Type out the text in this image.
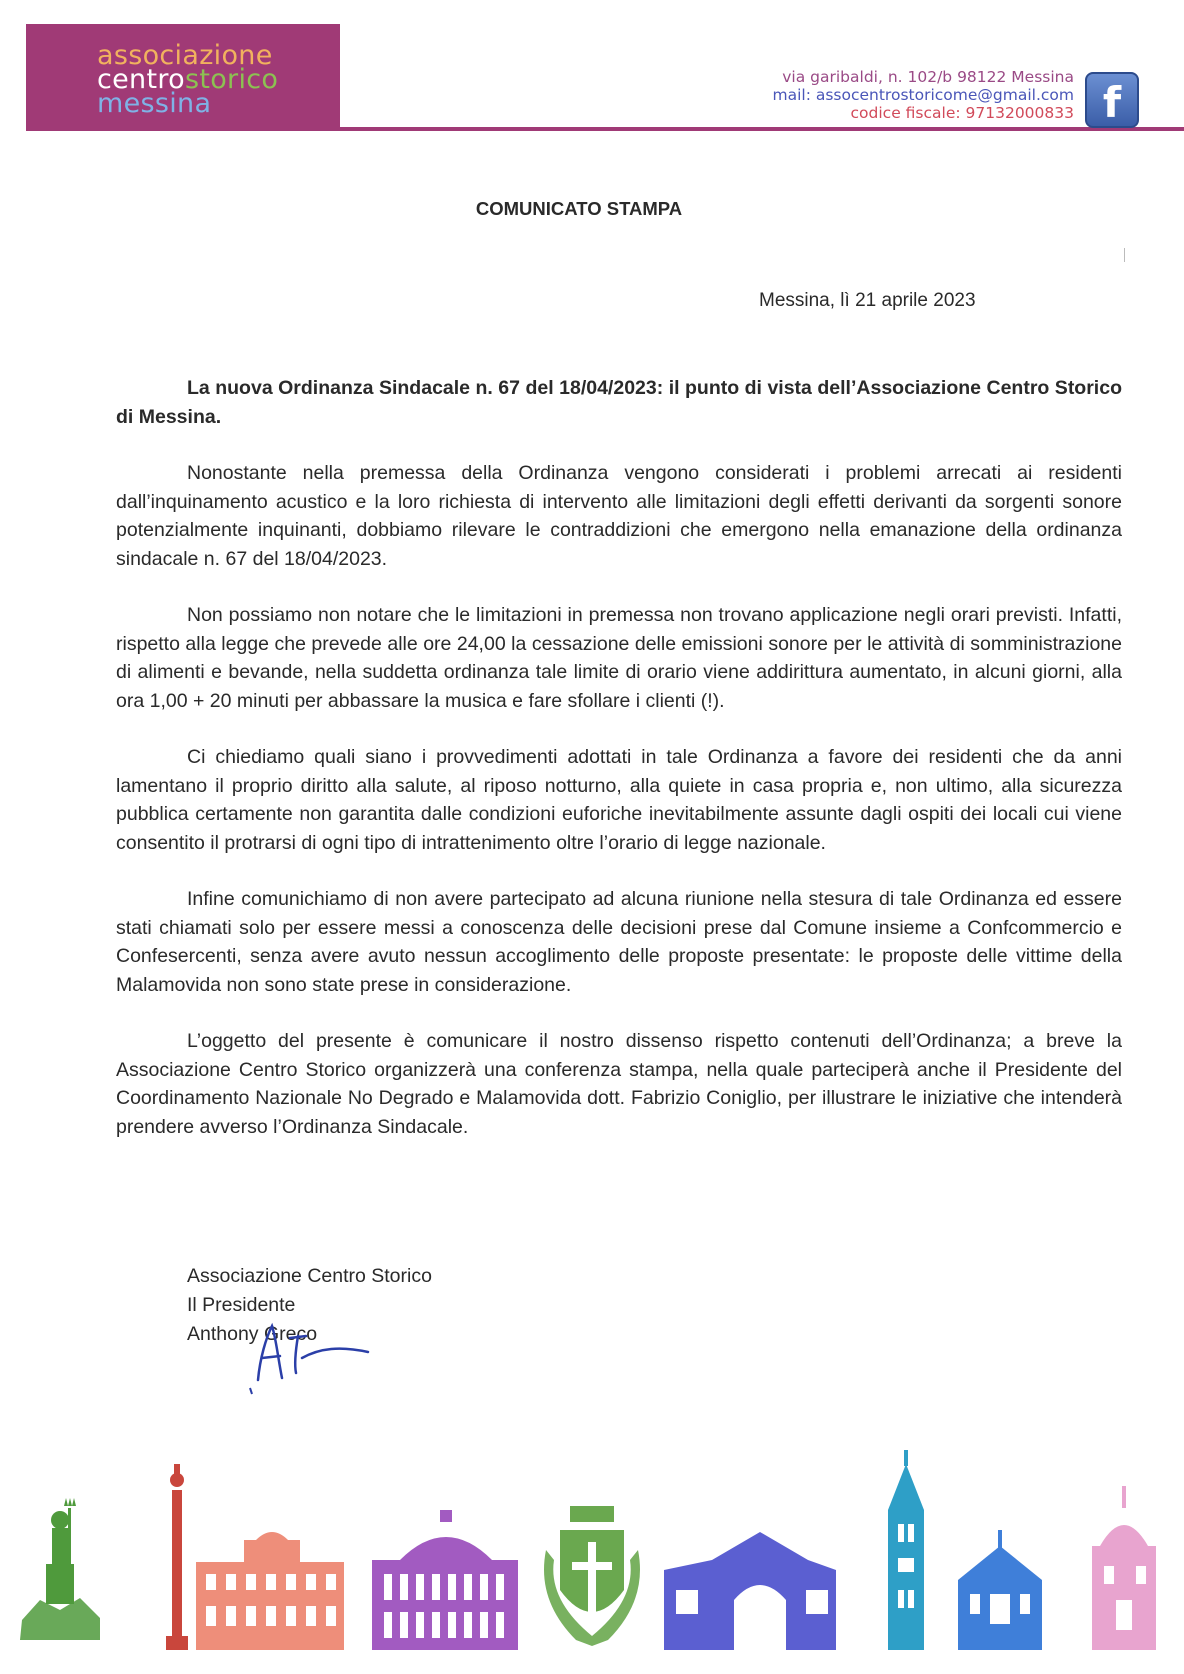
associazione
centrostorico
messina
via garibaldi, n. 102/b 98122 Messina
mail: assocentrostoricome@gmail.com
codice fiscale: 97132000833 f
COMUNICATO STAMPA
Messina, lì 21 aprile 2023

La nuova Ordinanza Sindacale n. 67 del 18/04/2023: il punto di vista dell’Associazione Centro Storico di Messina.

Nonostante nella premessa della Ordinanza vengono considerati i problemi arrecati ai residenti dall’inquinamento acustico e la loro richiesta di intervento alle limitazioni degli effetti derivanti da sorgenti sonore potenzialmente inquinanti, dobbiamo rilevare le contraddizioni che emergono nella emanazione della ordinanza sindacale n. 67 del 18/04/2023.

Non possiamo non notare che le limitazioni in premessa non trovano applicazione negli orari previsti. Infatti, rispetto alla legge che prevede alle ore 24,00 la cessazione delle emissioni sonore per le attività di somministrazione di alimenti e bevande, nella suddetta ordinanza tale limite di orario viene addirittura aumentato, in alcuni giorni, alla ora 1,00 + 20 minuti per abbassare la musica e fare sfollare i clienti (!).

Ci chiediamo quali siano i provvedimenti adottati in tale Ordinanza a favore dei residenti che da anni lamentano il proprio diritto alla salute, al riposo notturno, alla quiete in casa propria e, non ultimo, alla sicurezza pubblica certamente non garantita dalle condizioni euforiche inevitabilmente assunte dagli ospiti dei locali cui viene consentito il protrarsi di ogni tipo di intrattenimento oltre l’orario di legge nazionale.

Infine comunichiamo di non avere partecipato ad alcuna riunione nella stesura di tale Ordinanza ed essere stati chiamati solo per essere messi a conoscenza delle decisioni prese dal Comune insieme a Confcommercio e Confesercenti, senza avere avuto nessun accoglimento delle proposte presentate: le proposte delle vittime della Malamovida non sono state prese in considerazione.

L’oggetto del presente è comunicare il nostro dissenso rispetto contenuti dell’Ordinanza; a breve la Associazione Centro Storico organizzerà una conferenza stampa, nella quale parteciperà anche il Presidente del Coordinamento Nazionale No Degrado e Malamovida dott. Fabrizio Coniglio, per illustrare le iniziative che intenderà prendere avverso l’Ordinanza Sindacale.

Associazione Centro Storico
Il Presidente
Anthony Greco
